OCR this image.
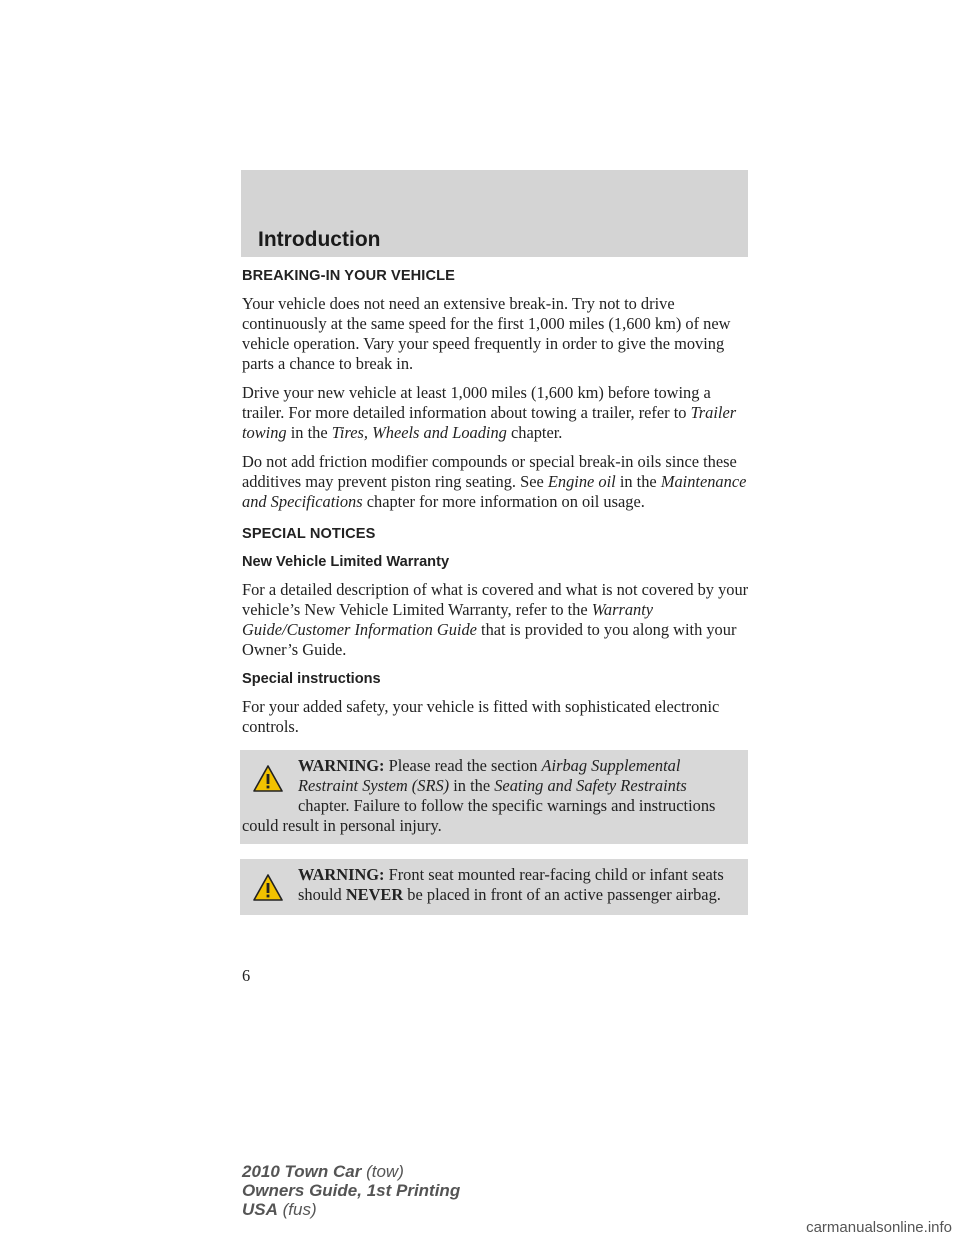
Introduction
BREAKING-IN YOUR VEHICLE

Your vehicle does not need an extensive break-in. Try not to drive continuously at the same speed for the first 1,000 miles (1,600 km) of new vehicle operation. Vary your speed frequently in order to give the moving parts a chance to break in.

Drive your new vehicle at least 1,000 miles (1,600 km) before towing a trailer. For more detailed information about towing a trailer, refer to Trailer towing in the Tires, Wheels and Loading chapter.

Do not add friction modifier compounds or special break-in oils since these additives may prevent piston ring seating. See Engine oil in the Maintenance and Specifications chapter for more information on oil usage.

SPECIAL NOTICES
New Vehicle Limited Warranty

For a detailed description of what is covered and what is not covered by your vehicle’s New Vehicle Limited Warranty, refer to the Warranty Guide/Customer Information Guide that is provided to you along with your Owner’s Guide.

Special instructions

For your added safety, your vehicle is fitted with sophisticated electronic controls.

WARNING: Please read the section Airbag Supplemental Restraint System (SRS) in the Seating and Safety Restraints chapter. Failure to follow the specific warnings and instructions could result in personal injury.
WARNING: Front seat mounted rear-facing child or infant seats should NEVER be placed in front of an active passenger airbag.
6
2010 Town Car (tow)
Owners Guide, 1st Printing
USA (fus)
carmanualsonline.info
